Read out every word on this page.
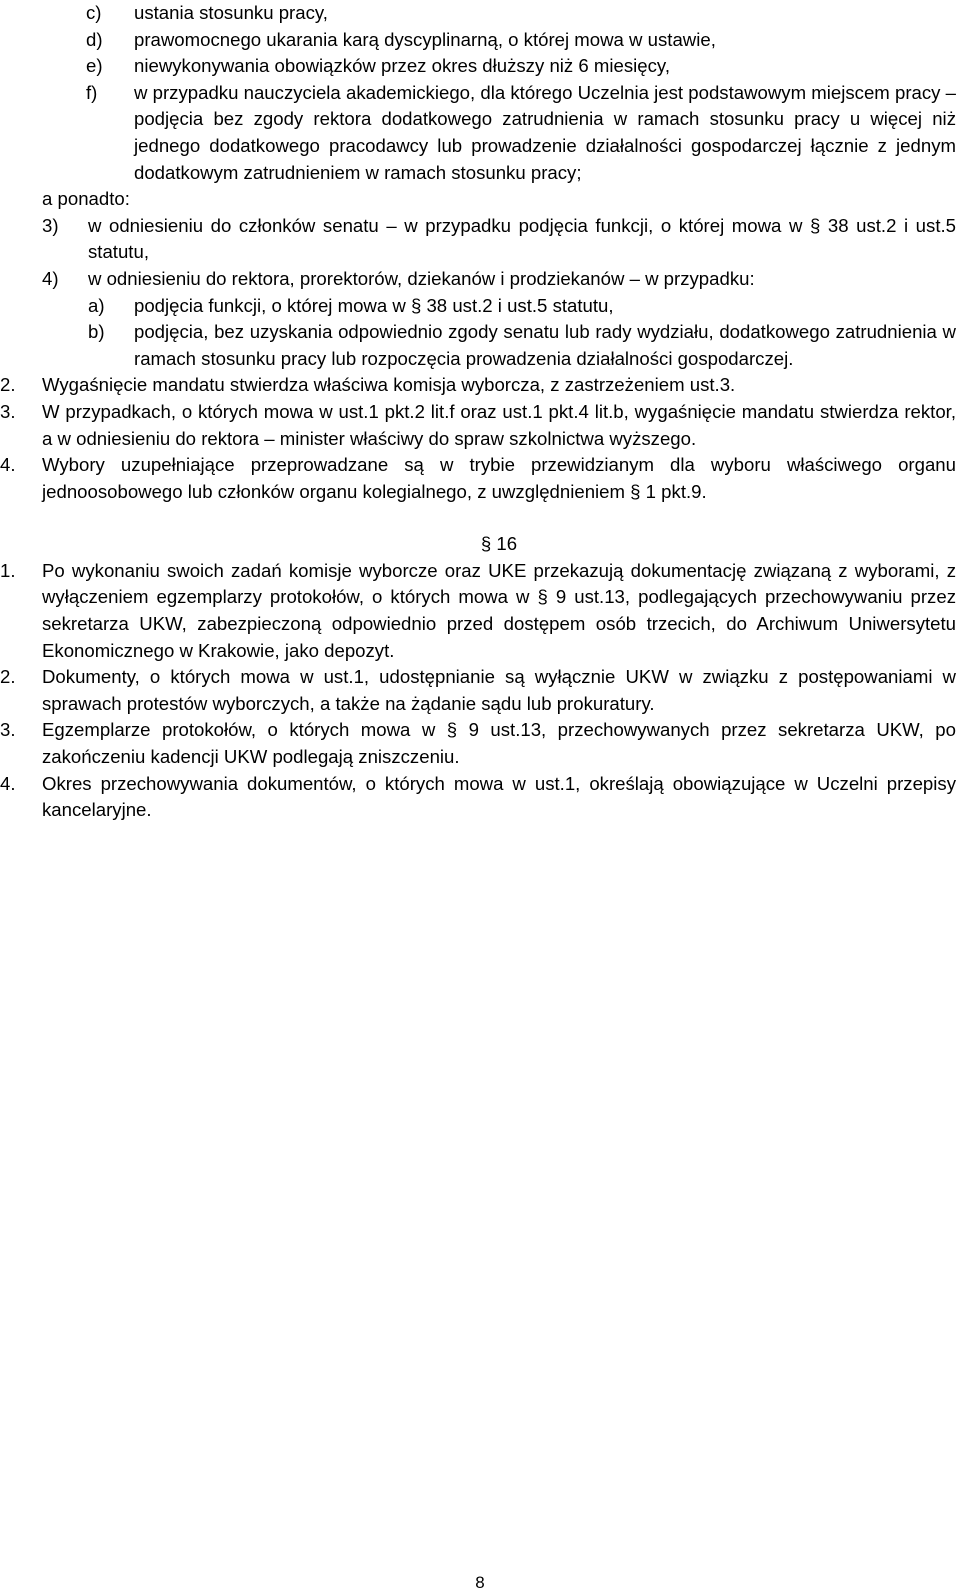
c)	ustania stosunku pracy,
d)	prawomocnego ukarania karą dyscyplinarną, o której mowa w ustawie,
e)	niewykonywania obowiązków przez okres dłuższy niż 6 miesięcy,
f)	w przypadku nauczyciela akademickiego, dla którego Uczelnia jest podstawowym miejscem pracy – podjęcia bez zgody rektora dodatkowego zatrudnienia w ramach stosunku pracy u więcej niż jednego dodatkowego pracodawcy lub prowadzenie działalności gospodarczej łącznie z jednym dodatkowym zatrudnieniem w ramach stosunku pracy;
a ponadto:
3)	w odniesieniu do członków senatu – w przypadku podjęcia funkcji, o której mowa w § 38 ust.2 i ust.5 statutu,
4)	w odniesieniu do rektora, prorektorów, dziekanów i prodziekanów – w przypadku:
a)	podjęcia funkcji, o której mowa w § 38 ust.2 i ust.5 statutu,
b)	podjęcia, bez uzyskania odpowiednio zgody senatu lub rady wydziału, dodatkowego zatrudnienia w ramach stosunku pracy lub rozpoczęcia prowadzenia działalności gospodarczej.
2. Wygaśnięcie mandatu stwierdza właściwa komisja wyborcza, z zastrzeżeniem ust.3.
3. W przypadkach, o których mowa w ust.1 pkt.2 lit.f oraz ust.1 pkt.4 lit.b, wygaśnięcie mandatu stwierdza rektor, a w odniesieniu do rektora – minister właściwy do spraw szkolnictwa wyższego.
4. Wybory uzupełniające przeprowadzane są w trybie przewidzianym dla wyboru właściwego organu jednoosobowego lub członków organu kolegialnego, z uwzględnieniem § 1 pkt.9.
§ 16
1. Po wykonaniu swoich zadań komisje wyborcze oraz UKE przekazują dokumentację związaną z wyborami, z wyłączeniem egzemplarzy protokołów, o których mowa w § 9 ust.13, podlegających przechowywaniu przez sekretarza UKW, zabezpieczoną odpowiednio przed dostępem osób trzecich, do Archiwum Uniwersytetu Ekonomicznego w Krakowie, jako depozyt.
2. Dokumenty, o których mowa w ust.1, udostępnianie są wyłącznie UKW w związku z postępowaniami w sprawach protestów wyborczych, a także na żądanie sądu lub prokuratury.
3. Egzemplarze protokołów, o których mowa w § 9 ust.13, przechowywanych przez sekretarza UKW, po zakończeniu kadencji UKW podlegają zniszczeniu.
4. Okres przechowywania dokumentów, o których mowa w ust.1, określają obowiązujące w Uczelni przepisy kancelaryjne.
8
